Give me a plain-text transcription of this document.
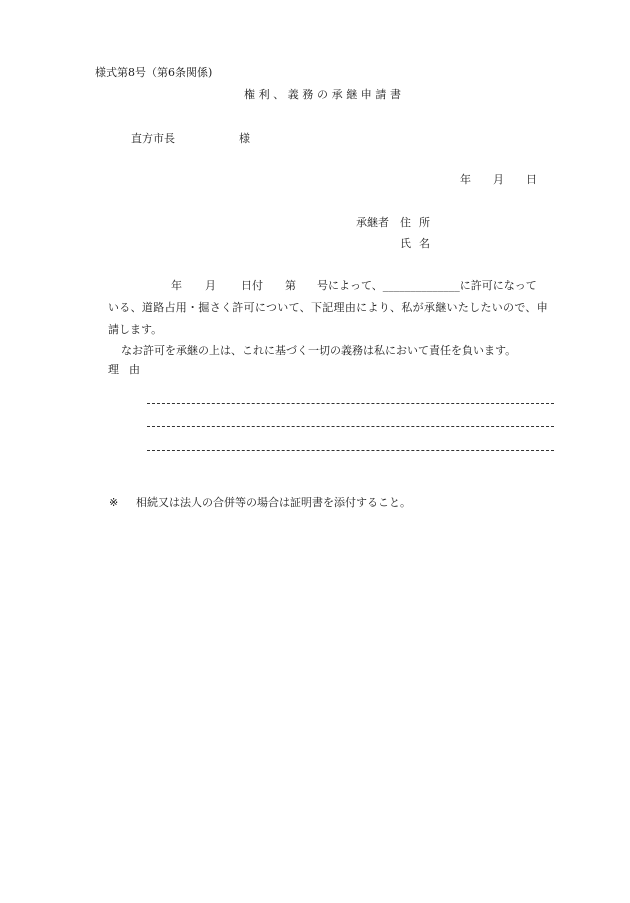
様式第8号（第6条関係)
権利、義務の承継申請書
直方市長	様
年 月 日
承継者 住所
氏名
年 月 日付 第 号によって、______________に許可になって
いる、道路占用・掘さく許可について、下記理由により、私が承継いたしたいので、申
請します。
なお許可を承継の上は、これに基づく一切の義務は私において責任を負います。
理由
※ 相続又は法人の合併等の場合は証明書を添付すること。
